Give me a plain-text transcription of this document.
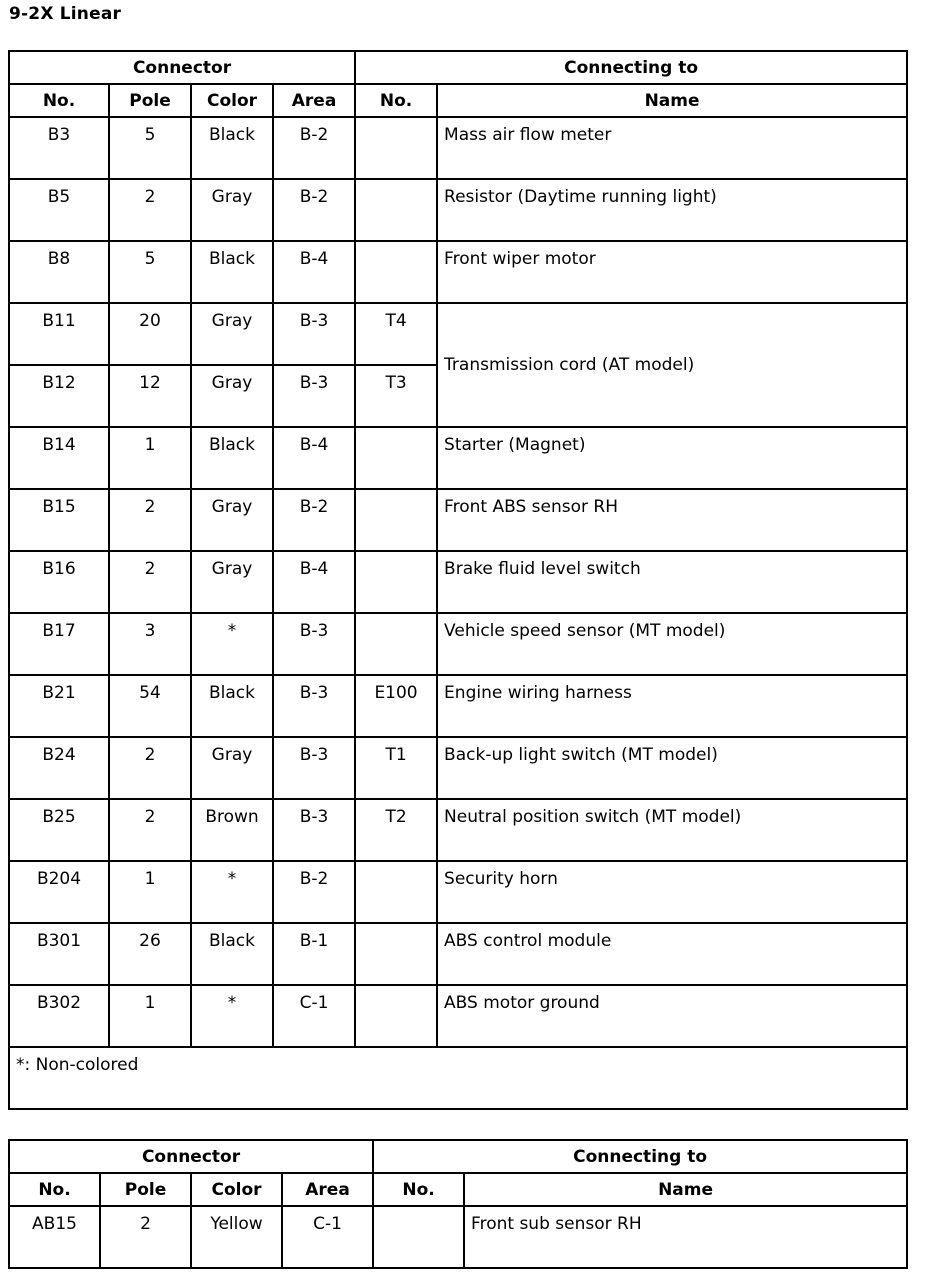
9-2X Linear
Connector				Connecting to	
No.	Pole	Color	Area	No.	Name
B3	5	Black	B-2		Mass air flow meter
B5	2	Gray	B-2		Resistor (Daytime running light)
B8	5	Black	B-4		Front wiper motor
B11	20	Gray	B-3	T4	Transmission cord (AT model)
B12	12	Gray	B-3	T3	
B14	1	Black	B-4		Starter (Magnet)
B15	2	Gray	B-2		Front ABS sensor RH
B16	2	Gray	B-4		Brake fluid level switch
B17	3	*	B-3		Vehicle speed sensor (MT model)
B21	54	Black	B-3	E100	Engine wiring harness
B24	2	Gray	B-3	T1	Back-up light switch (MT model)
B25	2	Brown	B-3	T2	Neutral position switch (MT model)
B204	1	*	B-2		Security horn
B301	26	Black	B-1		ABS control module
B302	1	*	C-1		ABS motor ground
*: Non-colored					
Connector				Connecting to	
No.	Pole	Color	Area	No.	Name
AB15	2	Yellow	C-1		Front sub sensor RH
